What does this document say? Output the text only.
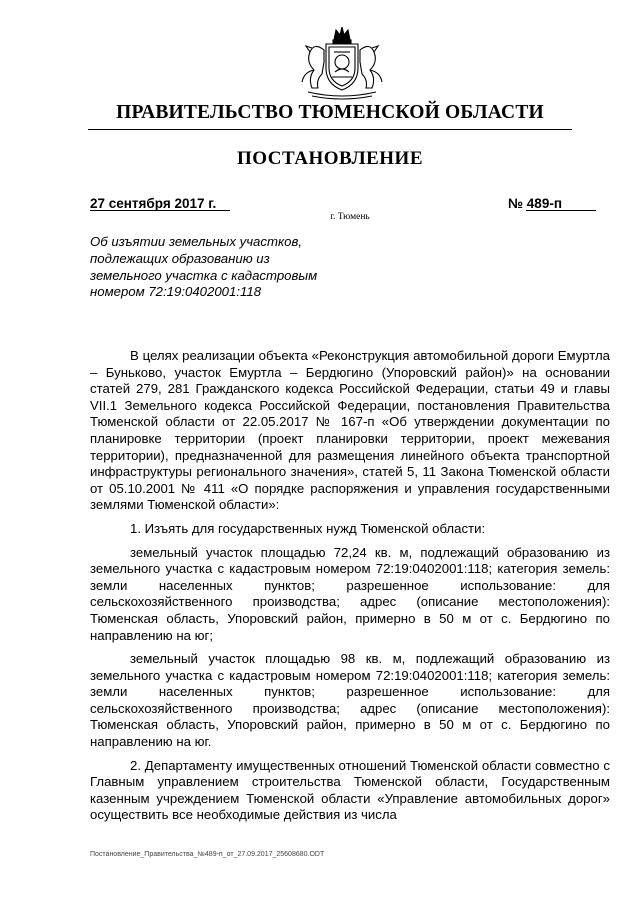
ПРАВИТЕЛЬСТВО ТЮМЕНСКОЙ ОБЛАСТИ
ПОСТАНОВЛЕНИЕ
27 сентября 2017 г.	№ 489-п
г. Тюмень
Об изъятии земельных участков,
подлежащих образованию из
земельного участка с кадастровым
номером 72:19:0402001:118

В целях реализации объекта «Реконструкция автомобильной дороги Емуртла – Буньково, участок Емуртла – Бердюгино (Упоровский район)» на основании статей 279, 281 Гражданского кодекса Российской Федерации, статьи 49 и главы VII.1 Земельного кодекса Российской Федерации, постановления Правительства Тюменской области от 22.05.2017 № 167-п «Об утверждении документации по планировке территории (проект планировки территории, проект межевания территории), предназначенной для размещения линейного объекта транспортной инфраструктуры регионального значения», статей 5, 11 Закона Тюменской области от 05.10.2001 № 411 «О порядке распоряжения и управления государственными землями Тюменской области»:

1. Изъять для государственных нужд Тюменской области:

земельный участок площадью 72,24 кв. м, подлежащий образованию из земельного участка с кадастровым номером 72:19:0402001:118; категория земель: земли населенных пунктов; разрешенное использование: для сельскохозяйственного производства; адрес (описание местоположения): Тюменская область, Упоровский район, примерно в 50 м от с. Бердюгино по направлению на юг;

земельный участок площадью 98 кв. м, подлежащий образованию из земельного участка с кадастровым номером 72:19:0402001:118; категория земель: земли населенных пунктов; разрешенное использование: для сельскохозяйственного производства; адрес (описание местоположения): Тюменская область, Упоровский район, примерно в 50 м от с. Бердюгино по направлению на юг.

2. Департаменту имущественных отношений Тюменской области совместно с Главным управлением строительства Тюменской области, Государственным казенным учреждением Тюменской области «Управление автомобильных дорог» осуществить все необходимые действия из числа

Постановление_Правительства_№489-п_от_27.09.2017_25608680.ODT
